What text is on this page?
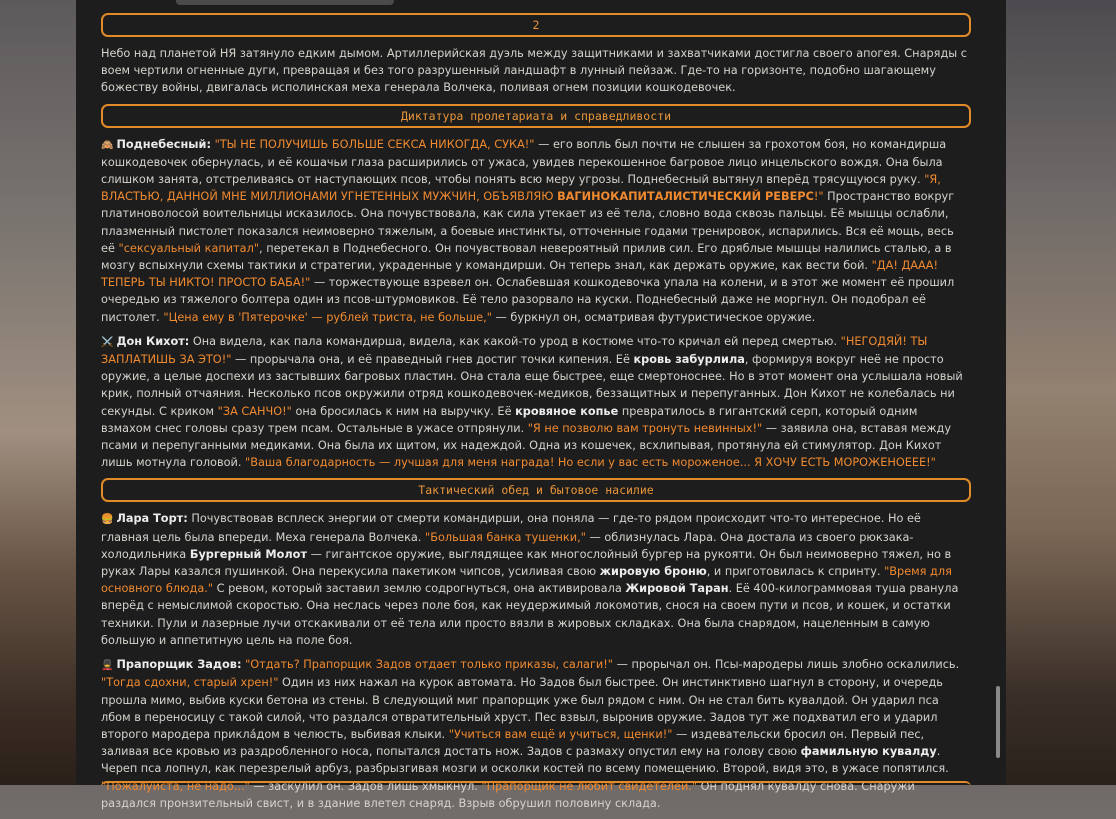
2
Небо над планетой НЯ затянуло едким дымом. Артиллерийская дуэль между защитниками и захватчиками достигла своего апогея. Снаряды с воем чертили огненные дуги, превращая и без того разрушенный ландшафт в лунный пейзаж. Где-то на горизонте, подобно шагающему божеству войны, двигалась исполинская меха генерала Волчека, поливая огнем позиции кошкодевочек.
Диктатура пролетариата и справедливости
🙈 Поднебесный: "ТЫ НЕ ПОЛУЧИШЬ БОЛЬШЕ СЕКСА НИКОГДА, СУКА!" — его вопль был почти не слышен за грохотом боя, но командирша кошкодевочек обернулась, и её кошачьи глаза расширились от ужаса, увидев перекошенное багровое лицо инцельского вождя. Она была слишком занята, отстреливаясь от наступающих псов, чтобы понять всю меру угрозы. Поднебесный вытянул вперёд трясущуюся руку. "Я, ВЛАСТЬЮ, ДАННОЙ МНЕ МИЛЛИОНАМИ УГНЕТЕННЫХ МУЖЧИН, ОБЪЯВЛЯЮ ВАГИНОКАПИТАЛИСТИЧЕСКИЙ РЕВЕРС!" Пространство вокруг платиноволосой воительницы исказилось. Она почувствовала, как сила утекает из её тела, словно вода сквозь пальцы. Её мышцы ослабли, плазменный пистолет показался неимоверно тяжелым, а боевые инстинкты, отточенные годами тренировок, испарились. Вся её мощь, весь её "сексуальный капитал", перетекал в Поднебесного. Он почувствовал невероятный прилив сил. Его дряблые мышцы налились сталью, а в мозгу вспыхнули схемы тактики и стратегии, украденные у командирши. Он теперь знал, как держать оружие, как вести бой. "ДА! ДААА! ТЕПЕРЬ ТЫ НИКТО! ПРОСТО БАБА!" — торжествующе взревел он. Ослабевшая кошкодевочка упала на колени, и в этот же момент её прошил очередью из тяжелого болтера один из псов-штурмовиков. Её тело разорвало на куски. Поднебесный даже не моргнул. Он подобрал её пистолет. "Цена ему в 'Пятерочке' — рублей триста, не больше," — буркнул он, осматривая футуристическое оружие.
⚔️ Дон Кихот: Она видела, как пала командирша, видела, как какой-то урод в костюме что-то кричал ей перед смертью. "НЕГОДЯЙ! ТЫ ЗАПЛАТИШЬ ЗА ЭТО!" — прорычала она, и её праведный гнев достиг точки кипения. Её кровь забурлила, формируя вокруг неё не просто оружие, а целые доспехи из застывших багровых пластин. Она стала еще быстрее, еще смертоноснее. Но в этот момент она услышала новый крик, полный отчаяния. Несколько псов окружили отряд кошкодевочек-медиков, беззащитных и перепуганных. Дон Кихот не колебалась ни секунды. С криком "ЗА САНЧО!" она бросилась к ним на выручку. Её кровяное копье превратилось в гигантский серп, который одним взмахом снес головы сразу трем псам. Остальные в ужасе отпрянули. "Я не позволю вам тронуть невинных!" — заявила она, вставая между псами и перепуганными медиками. Она была их щитом, их надеждой. Одна из кошечек, всхлипывая, протянула ей стимулятор. Дон Кихот лишь мотнула головой. "Ваша благодарность — лучшая для меня награда! Но если у вас есть мороженое... Я ХОЧУ ЕСТЬ МОРОЖЕНОЕЕЕ!"
Тактический обед и бытовое насилие
🍔 Лара Торт: Почувствовав всплеск энергии от смерти командирши, она поняла — где-то рядом происходит что-то интересное. Но её главная цель была впереди. Меха генерала Волчека. "Большая банка тушенки," — облизнулась Лара. Она достала из своего рюкзака-холодильника Бургерный Молот — гигантское оружие, выглядящее как многослойный бургер на рукояти. Он был неимоверно тяжел, но в руках Лары казался пушинкой. Она перекусила пакетиком чипсов, усиливая свою жировую броню, и приготовилась к спринту. "Время для основного блюда." С ревом, который заставил землю содрогнуться, она активировала Жировой Таран. Её 400-килограммовая туша рванула вперёд с немыслимой скоростью. Она неслась через поле боя, как неудержимый локомотив, снося на своем пути и псов, и кошек, и остатки техники. Пули и лазерные лучи отскакивали от её тела или просто вязли в жировых складках. Она была снарядом, нацеленным в самую большую и аппетитную цель на поле боя.
💂 Прапорщик Задов: "Отдать? Прапорщик Задов отдает только приказы, салаги!" — прорычал он. Псы-мародеры лишь злобно оскалились. "Тогда сдохни, старый хрен!" Один из них нажал на курок автомата. Но Задов был быстрее. Он инстинктивно шагнул в сторону, и очередь прошла мимо, выбив куски бетона из стены. В следующий миг прапорщик уже был рядом с ним. Он не стал бить кувалдой. Он ударил пса лбом в переносицу с такой силой, что раздался отвратительный хруст. Пес взвыл, выронив оружие. Задов тут же подхватил его и ударил второго мародера прикла́дом в челюсть, выбивая клыки. "Учиться вам ещё и учиться, щенки!" — издевательски бросил он. Первый пес, заливая все кровью из раздробленного носа, попытался достать нож. Задов с размаху опустил ему на голову свою фамильную кувалду. Череп пса лопнул, как перезрелый арбуз, разбрызгивая мозги и осколки костей по всему помещению. Второй, видя это, в ужасе попятился. "Пожалуйста, не надо..." — заскулил он. Задов лишь хмыкнул. "Прапорщик не любит свидетелей." Он поднял кувалду снова. Снаружи раздался пронзительный свист, и в здание влетел снаряд. Взрыв обрушил половину склада.
